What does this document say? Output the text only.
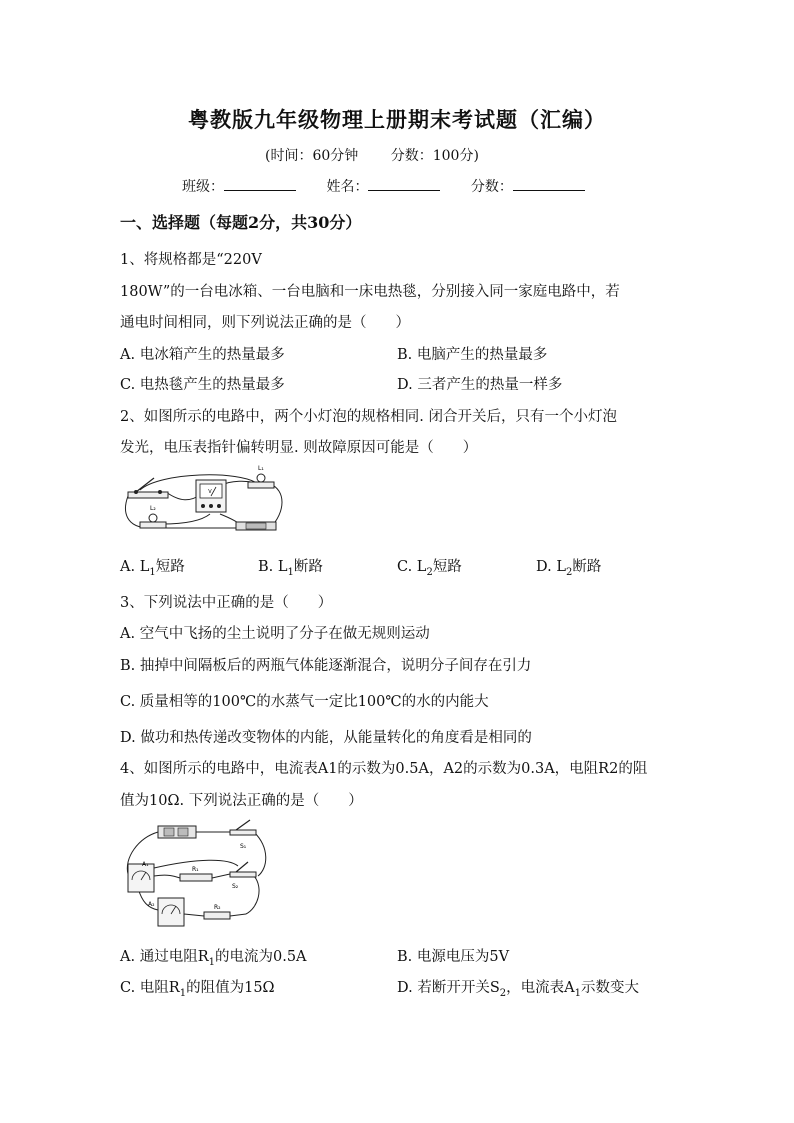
粤教版九年级物理上册期末考试题（汇编）
(时间：60分钟 分数：100分)
班级：	姓名：	分数：
一、选择题（每题2分，共30分）
1、将规格都是“220V
180W”的一台电冰箱、一台电脑和一床电热毯，分别接入同一家庭电路中，若
通电时间相同，则下列说法正确的是（　　）
A. 电冰箱产生的热量最多	B. 电脑产生的热量最多
C. 电热毯产生的热量最多	D. 三者产生的热量一样多
2、如图所示的电路中，两个小灯泡的规格相同. 闭合开关后，只有一个小灯泡
发光，电压表指针偏转明显. 则故障原因可能是（　　）
V
L₁
L₂
A. $L_1$短路	B. $L_1$断路	C. $L_2$短路	D. $L_2$断路
3、下列说法中正确的是（　　）
A. 空气中飞扬的尘土说明了分子在做无规则运动
B. 抽掉中间隔板后的两瓶气体能逐渐混合，说明分子间存在引力
C. 质量相等的100℃的水蒸气一定比100℃的水的内能大
D. 做功和热传递改变物体的内能，从能量转化的角度看是相同的
4、如图所示的电路中，电流表A1的示数为0.5A，A2的示数为0.3A，电阻R2的阻
值为10Ω. 下列说法正确的是（　　）
S₁
A₁
R₁
S₂
A₂	R₂
A. 通过电阻$R_1$的电流为0.5A	B. 电源电压为5V
C. 电阻$R_1$的阻值为15Ω	D. 若断开开关$S_2$，电流表$A_1$示数变大
